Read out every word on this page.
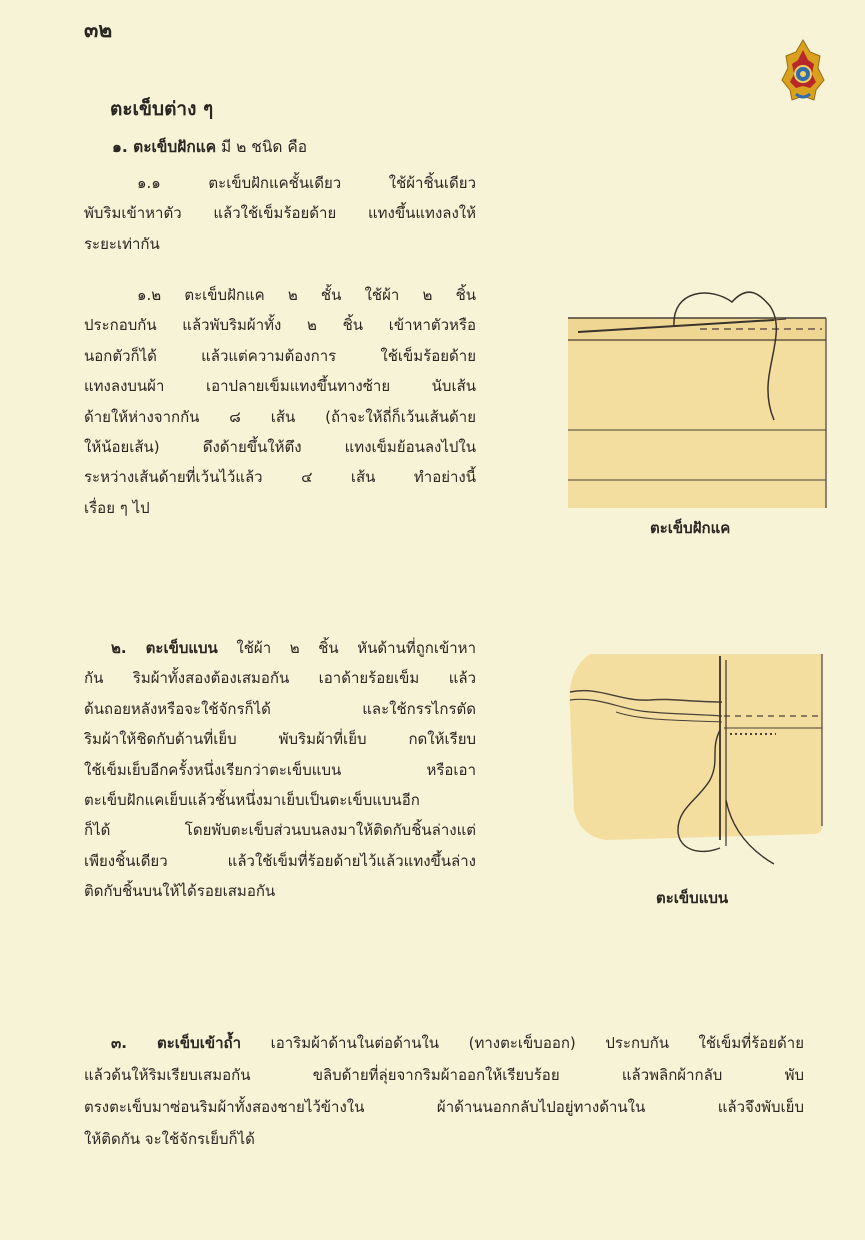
๓๒
ตะเข็บต่าง ๆ
๑. ตะเข็บฝักแค มี ๒ ชนิด คือ
๑.๑ ตะเข็บฝักแคชั้นเดียว ใช้ผ้าชิ้นเดียว
พับริมเข้าหาตัว แล้วใช้เข็มร้อยด้าย แทงขึ้นแทงลงให้
ระยะเท่ากัน
๑.๒ ตะเข็บฝักแค ๒ ชั้น ใช้ผ้า ๒ ชิ้น
ประกอบกัน แล้วพับริมผ้าทั้ง ๒ ชิ้น เข้าหาตัวหรือ
นอกตัวก็ได้ แล้วแต่ความต้องการ ใช้เข็มร้อยด้าย
แทงลงบนผ้า เอาปลายเข็มแทงขึ้นทางซ้าย นับเส้น
ด้ายให้ห่างจากกัน ๘ เส้น (ถ้าจะให้ถี่ก็เว้นเส้นด้าย
ให้น้อยเส้น) ดึงด้ายขึ้นให้ตึง แทงเข็มย้อนลงไปใน
ระหว่างเส้นด้ายที่เว้นไว้แล้ว ๔ เส้น ทำอย่างนี้
เรื่อย ๆ ไป
ตะเข็บฝักแค
๒. ตะเข็บแบน ใช้ผ้า ๒ ชิ้น หันด้านที่ถูกเข้าหา
กัน ริมผ้าทั้งสองต้องเสมอกัน เอาด้ายร้อยเข็ม แล้ว
ด้นถอยหลังหรือจะใช้จักรก็ได้ และใช้กรรไกรตัด
ริมผ้าให้ชิดกับด้านที่เย็บ พับริมผ้าที่เย็บ กดให้เรียบ
ใช้เข็มเย็บอีกครั้งหนึ่งเรียกว่าตะเข็บแบน หรือเอา
ตะเข็บฝักแคเย็บแล้วชั้นหนึ่งมาเย็บเป็นตะเข็บแบนอีก
ก็ได้ โดยพับตะเข็บส่วนบนลงมาให้ติดกับชิ้นล่างแต่
เพียงชิ้นเดียว แล้วใช้เข็มที่ร้อยด้ายไว้แล้วแทงขึ้นล่าง
ติดกับชิ้นบนให้ได้รอยเสมอกัน	ตะเข็บแบน
๓. ตะเข็บเข้าถ้ำ เอาริมผ้าด้านในต่อด้านใน (ทางตะเข็บออก) ประกบกัน ใช้เข็มที่ร้อยด้าย
แล้วด้นให้ริมเรียบเสมอกัน ขลิบด้ายที่ลุ่ยจากริมผ้าออกให้เรียบร้อย แล้วพลิกผ้ากลับ พับ
ตรงตะเข็บมาซ่อนริมผ้าทั้งสองชายไว้ข้างใน ผ้าด้านนอกกลับไปอยู่ทางด้านใน แล้วจึงพับเย็บ
ให้ติดกัน จะใช้จักรเย็บก็ได้
